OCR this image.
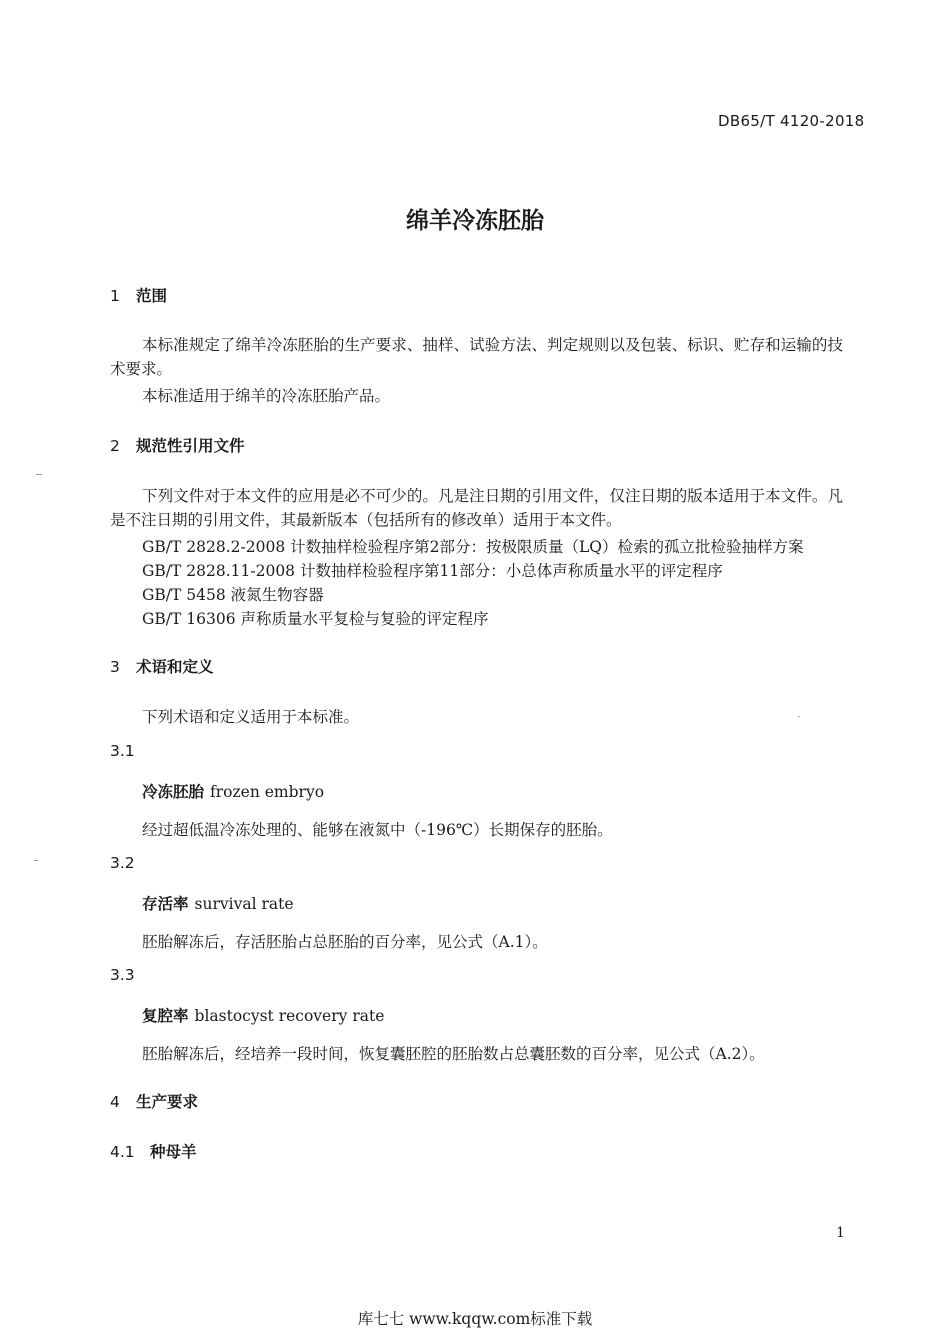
DB65/T 4120-2018
绵羊冷冻胚胎
1 范围
本标准规定了绵羊冷冻胚胎的生产要求、抽样、试验方法、判定规则以及包装、标识、贮存和运输的技术要求。
本标准适用于绵羊的冷冻胚胎产品。
2 规范性引用文件
下列文件对于本文件的应用是必不可少的。凡是注日期的引用文件，仅注日期的版本适用于本文件。凡是不注日期的引用文件，其最新版本（包括所有的修改单）适用于本文件。
GB/T 2828.2-2008 计数抽样检验程序第2部分：按极限质量（LQ）检索的孤立批检验抽样方案
GB/T 2828.11-2008 计数抽样检验程序第11部分：小总体声称质量水平的评定程序
GB/T 5458 液氮生物容器
GB/T 16306 声称质量水平复检与复验的评定程序
3 术语和定义
下列术语和定义适用于本标准。
3.1
冷冻胚胎 frozen embryo
经过超低温冷冻处理的、能够在液氮中（-196℃）长期保存的胚胎。
3.2
存活率 survival rate
胚胎解冻后，存活胚胎占总胚胎的百分率，见公式（A.1）。
3.3
复腔率 blastocyst recovery rate
胚胎解冻后，经培养一段时间，恢复囊胚腔的胚胎数占总囊胚数的百分率，见公式（A.2）。
4 生产要求
4.1 种母羊
1
库七七 www.kqqw.com标准下载
